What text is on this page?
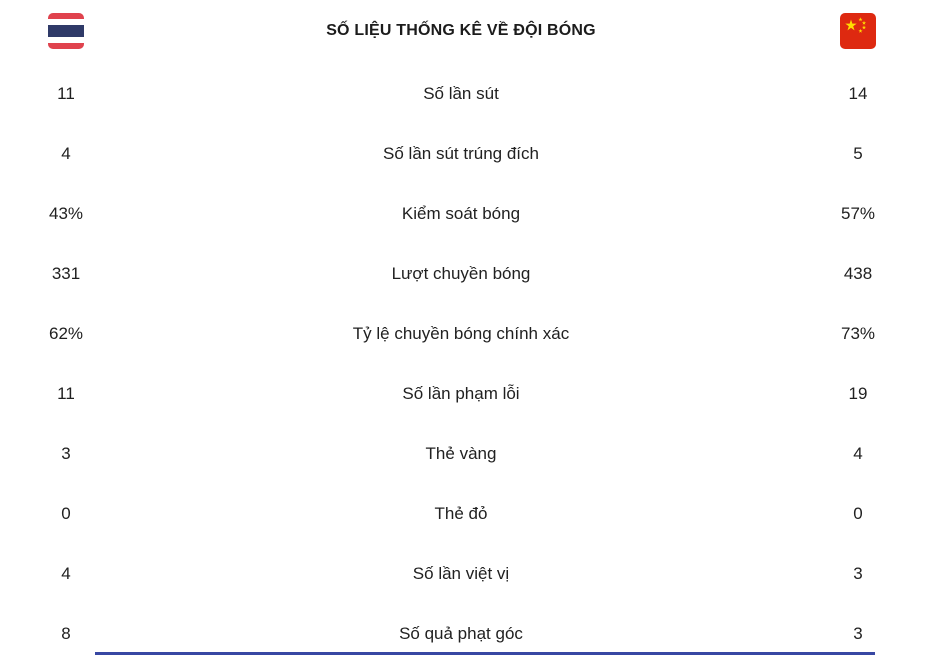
SỐ LIỆU THỐNG KÊ VỀ ĐỘI BÓNG
11	Số lần sút	14
4	Số lần sút trúng đích	5
43%	Kiểm soát bóng	57%
331	Lượt chuyền bóng	438
62%	Tỷ lệ chuyền bóng chính xác	73%
11	Số lần phạm lỗi	19
3	Thẻ vàng	4
0	Thẻ đỏ	0
4	Số lần việt vị	3
8	Số quả phạt góc	3
